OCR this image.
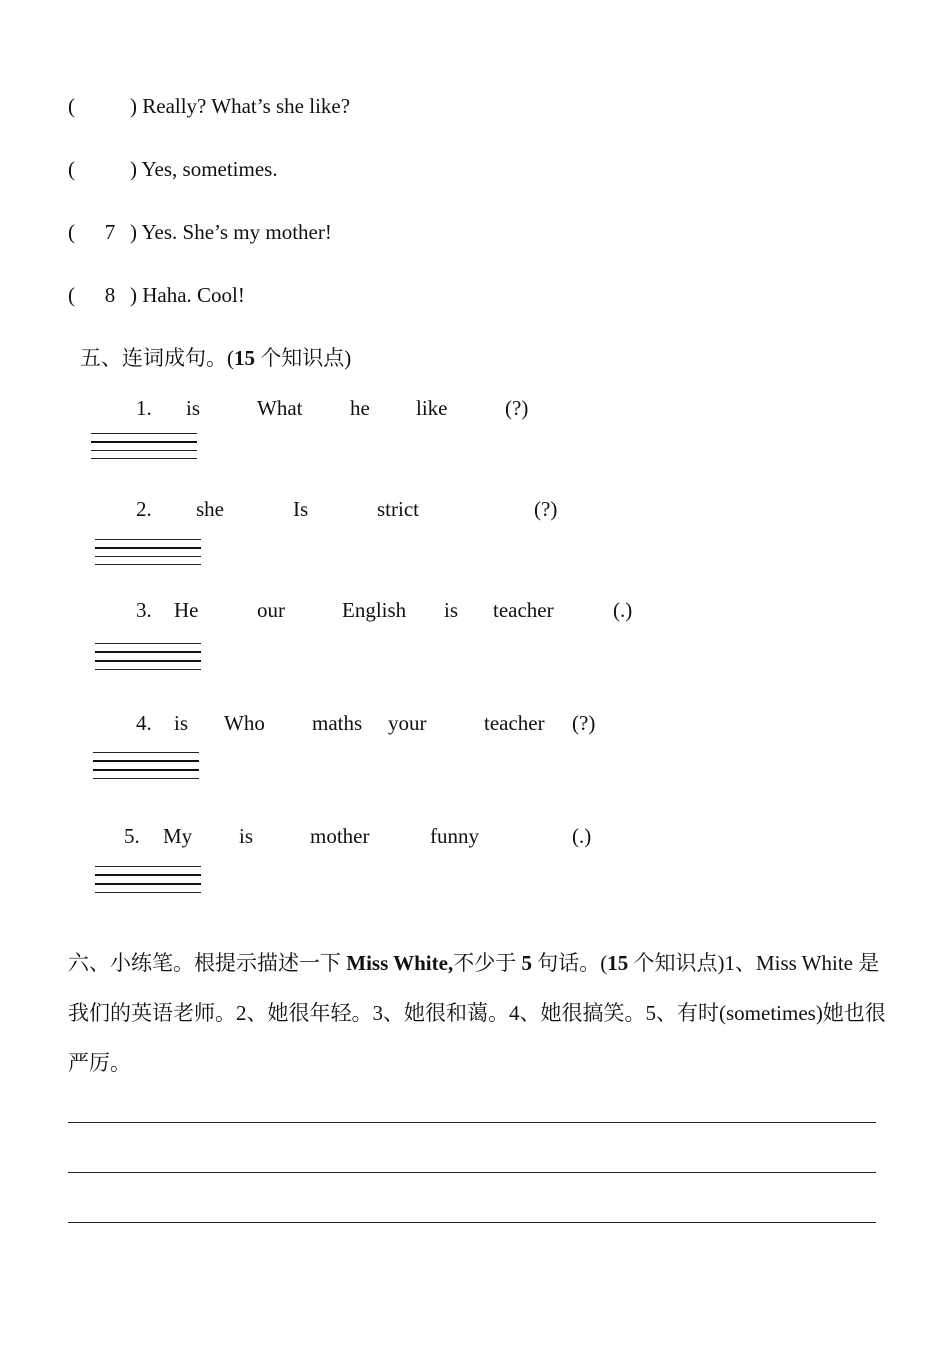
(	) Really? What’s she like?
(	) Yes, sometimes.
( 7 ) Yes. She’s my mother!
( 8 ) Haha. Cool!
五、连词成句。(15 个知识点)
1. is	What he like	(?)
2. she	Is	strict	(?)
3. He	our	English is teacher	(.)
4. is Who maths your	teacher (?)
5. My is	mother	funny	(.)
六、小练笔。根提示描述一下 Miss White,不少于 5 句话。(15 个知识点)1、Miss White 是我们的英语老师。2、她很年轻。3、她很和蔼。4、她很搞笑。5、有时(sometimes)她也很严厉。
